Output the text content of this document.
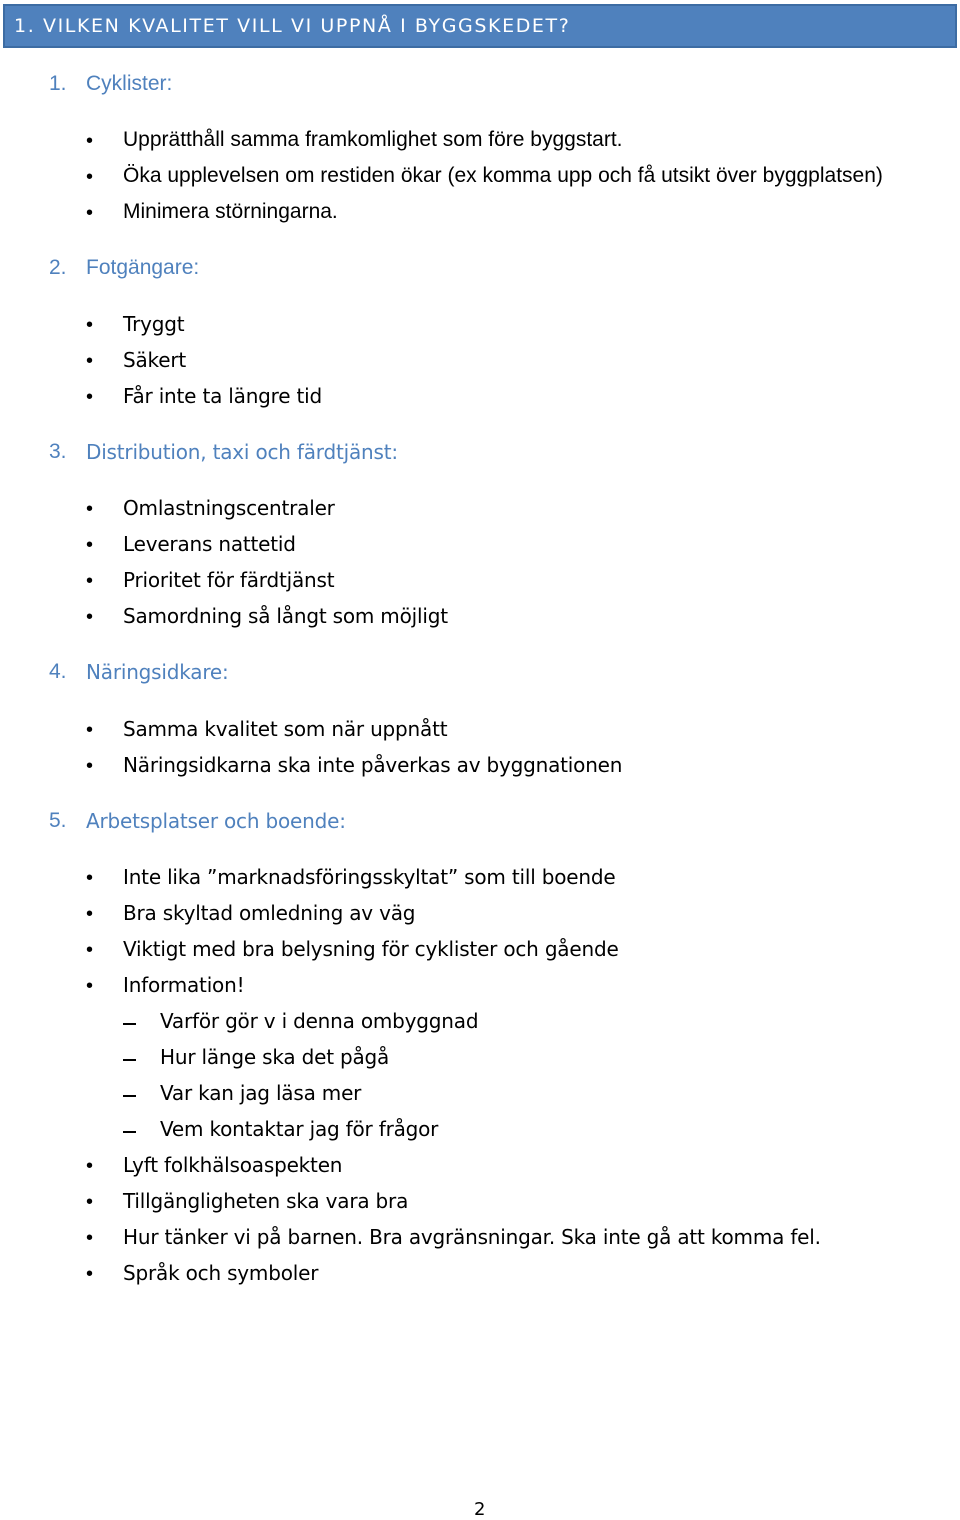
1. VILKEN KVALITET VILL VI UPPNÅ I BYGGSKEDET?
1. Cyklister:
• Upprätthåll samma framkomlighet som före byggstart.
• Öka upplevelsen om restiden ökar (ex komma upp och få utsikt över byggplatsen)
• Minimera störningarna.
2. Fotgängare:
• Tryggt
• Säkert
• Får inte ta längre tid
3. Distribution, taxi och färdtjänst:
• Omlastningscentraler
• Leverans nattetid
• Prioritet för färdtjänst
• Samordning så långt som möjligt
4. Näringsidkare:
• Samma kvalitet som när uppnått
• Näringsidkarna ska inte påverkas av byggnationen
5. Arbetsplatser och boende:
• Inte lika ”marknadsföringsskyltat” som till boende
• Bra skyltad omledning av väg
• Viktigt med bra belysning för cyklister och gående
• Information!
Varför gör v i denna ombyggnad
Hur länge ska det pågå
Var kan jag läsa mer
Vem kontaktar jag för frågor
• Lyft folkhälsoaspekten
• Tillgängligheten ska vara bra
• Hur tänker vi på barnen. Bra avgränsningar. Ska inte gå att komma fel.
• Språk och symboler
2
